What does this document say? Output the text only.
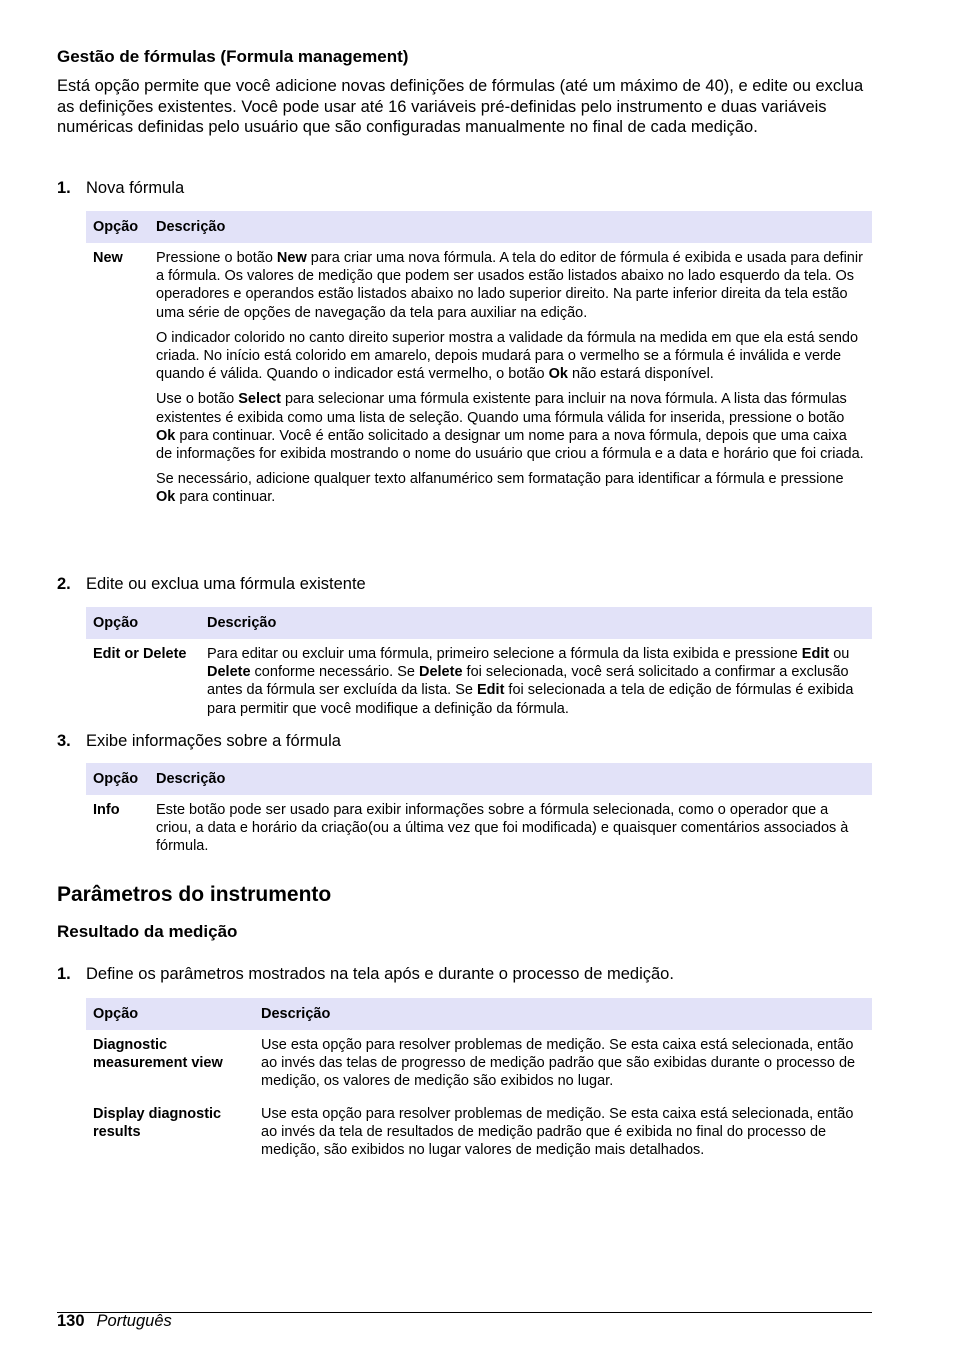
Gestão de fórmulas (Formula management)

Está opção permite que você adicione novas definições de fórmulas (até um máximo de 40), e edite ou exclua as definições existentes. Você pode usar até 16 variáveis pré-definidas pelo instrumento e duas variáveis numéricas definidas pelo usuário que são configuradas manualmente no final de cada medição.

1. Nova fórmula
Opção	Descrição
New	Pressione o botão New para criar uma nova fórmula. A tela do editor de fórmula é exibida e usada para definir a fórmula. Os valores de medição que podem ser usados estão listados abaixo no lado esquerdo da tela. Os operadores e operandos estão listados abaixo no lado superior direito. Na parte inferior direita da tela estão uma série de opções de navegação da tela para auxiliar na edição.

O indicador colorido no canto direito superior mostra a validade da fórmula na medida em que ela está sendo criada. No início está colorido em amarelo, depois mudará para o vermelho se a fórmula é inválida e verde quando é válida. Quando o indicador está vermelho, o botão Ok não estará disponível.

Use o botão Select para selecionar uma fórmula existente para incluir na nova fórmula. A lista das fórmulas existentes é exibida como uma lista de seleção. Quando uma fórmula válida for inserida, pressione o botão Ok para continuar. Você é então solicitado a designar um nome para a nova fórmula, depois que uma caixa de informações for exibida mostrando o nome do usuário que criou a fórmula e a data e horário que foi criada.

Se necessário, adicione qualquer texto alfanumérico sem formatação para identificar a fórmula e pressione Ok para continuar.

2. Edite ou exclua uma fórmula existente
Opção	Descrição
Edit or Delete	Para editar ou excluir uma fórmula, primeiro selecione a fórmula da lista exibida e pressione Edit ou Delete conforme necessário. Se Delete foi selecionada, você será solicitado a confirmar a exclusão antes da fórmula ser excluída da lista. Se Edit foi selecionada a tela de edição de fórmulas é exibida para permitir que você modifique a definição da fórmula.

3. Exibe informações sobre a fórmula
Opção	Descrição
Info	Este botão pode ser usado para exibir informações sobre a fórmula selecionada, como o operador que a criou, a data e horário da criação(ou a última vez que foi modificada) e quaisquer comentários associados à fórmula.

Parâmetros do instrumento
Resultado da medição
1. Define os parâmetros mostrados na tela após e durante o processo de medição.
Opção	Descrição
Diagnostic measurement view	Use esta opção para resolver problemas de medição. Se esta caixa está selecionada, então ao invés das telas de progresso de medição padrão que são exibidas durante o processo de medição, os valores de medição são exibidos no lugar.
Display diagnostic results	Use esta opção para resolver problemas de medição. Se esta caixa está selecionada, então ao invés da tela de resultados de medição padrão que é exibida no final do processo de medição, são exibidos no lugar valores de medição mais detalhados.
130 Português
